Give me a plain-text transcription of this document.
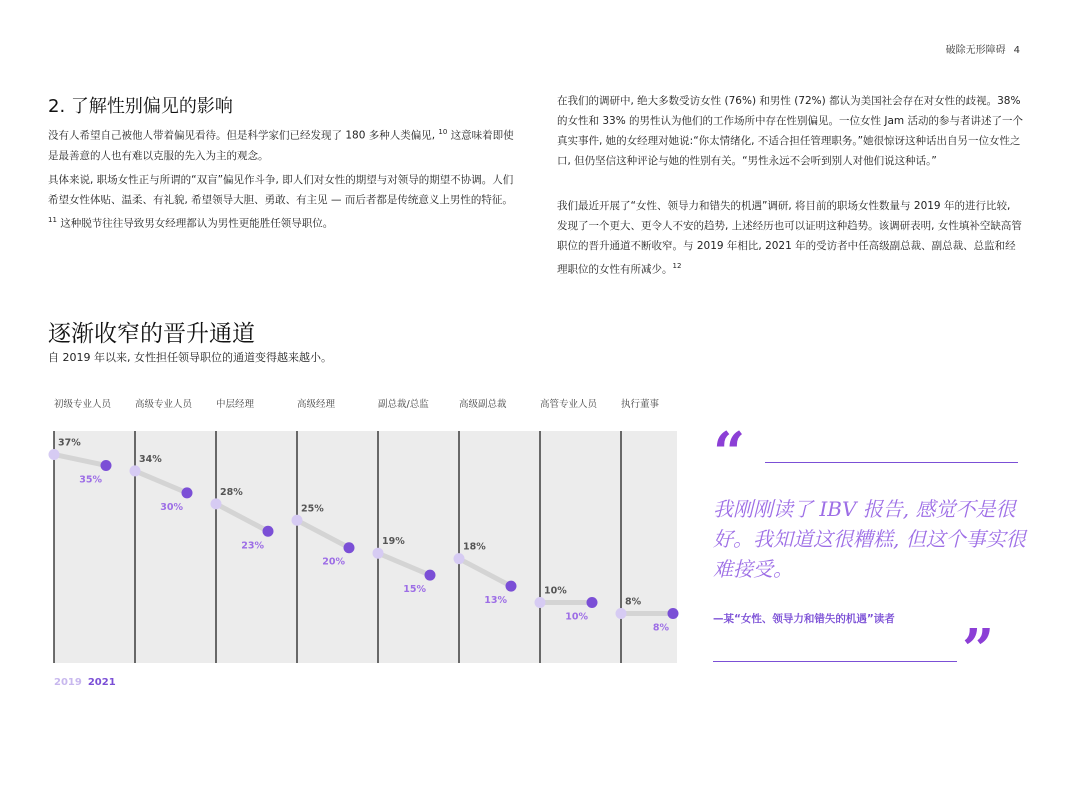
破除无形障碍 4
2. 了解性别偏见的影响
没有人希望自己被他人带着偏见看待。但是科学家们已经发现了 180 多种人类偏见, $^{10}$ 这意味着即使是最善意的人也有难以克服的先入为主的观念。
具体来说, 职场女性正与所谓的“双盲”偏见作斗争, 即人们对女性的期望与对领导的期望不协调。人们希望女性体贴、温柔、有礼貌, 希望领导大胆、勇敢、有主见 — 而后者都是传统意义上男性的特征。$^{11}$ 这种脱节往往导致男女经理都认为男性更能胜任领导职位。
在我们的调研中, 绝大多数受访女性 (76%) 和男性 (72%) 都认为美国社会存在对女性的歧视。38% 的女性和 33% 的男性认为他们的工作场所中存在性别偏见。一位女性 Jam 活动的参与者讲述了一个真实事件, 她的女经理对她说:“你太情绪化, 不适合担任管理职务。”她很惊讶这种话出自另一位女性之口, 但仍坚信这种评论与她的性别有关。“男性永远不会听到别人对他们说这种话。”
我们最近开展了“女性、领导力和错失的机遇”调研, 将目前的职场女性数量与 2019 年的进行比较, 发现了一个更大、更令人不安的趋势, 上述经历也可以证明这种趋势。该调研表明, 女性填补空缺高管职位的晋升通道不断收窄。与 2019 年相比, 2021 年的受访者中任高级副总裁、副总裁、总监和经理职位的女性有所减少。$^{12}$
逐渐收窄的晋升通道
自 2019 年以来, 女性担任领导职位的通道变得越来越小。
初级专业人员	高级专业人员	中层经理	高级经理	副总裁/总监	高级副总裁	高管专业人员	执行董事
37%
35%
34%
30%
28%
23%
25%
20%
19%
15%
18%
13%
10%
10%
8%
8%
2019 2021
“
我刚刚读了 IBV 报告, 感觉不是很好。我知道这很糟糕, 但这个事实很难接受。
—某“女性、领导力和错失的机遇”读者 ”
